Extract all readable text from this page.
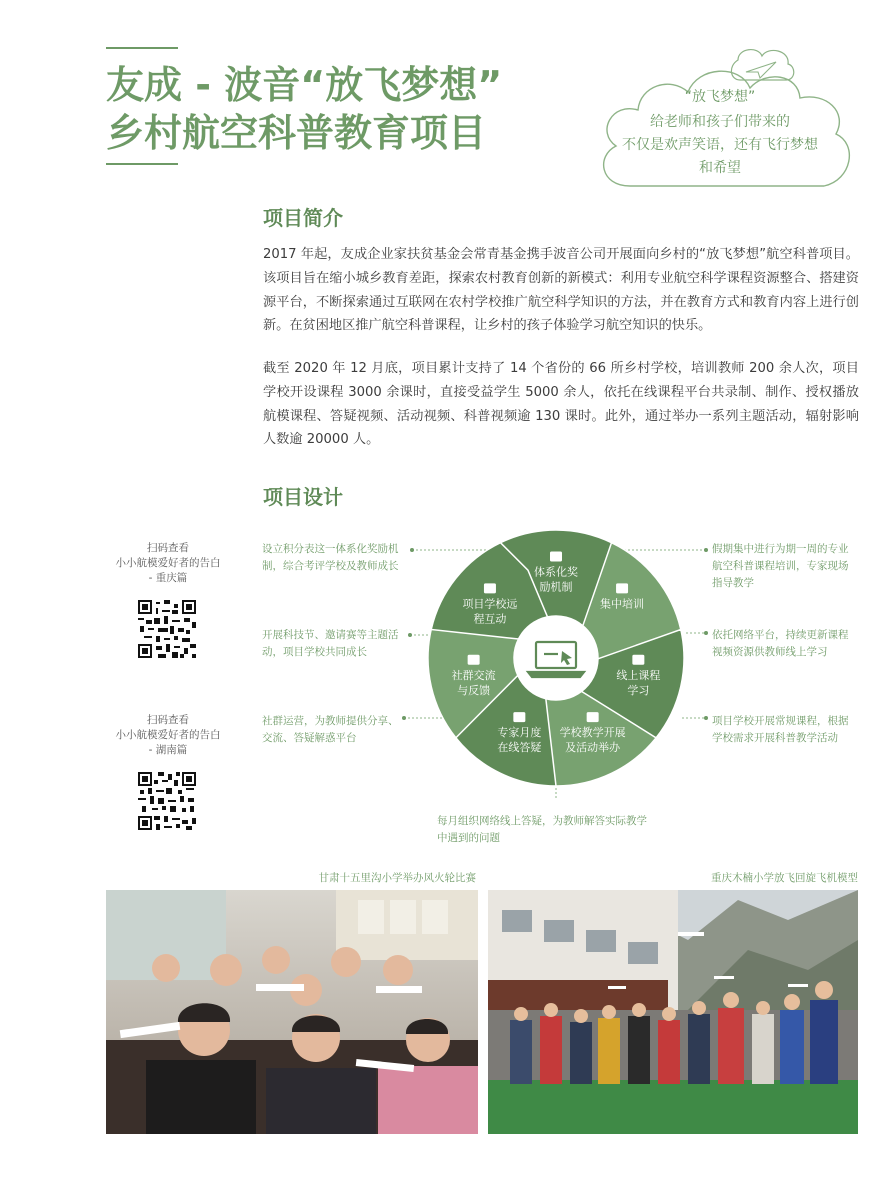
友成 - 波音“放飞梦想”
乡村航空科普教育项目
“放飞梦想”
给老师和孩子们带来的
不仅是欢声笑语，还有飞行梦想
和希望
项目简介
2017 年起，友成企业家扶贫基金会常青基金携手波音公司开展面向乡村的“放飞梦想”航空科普项目。该项目旨在缩小城乡教育差距，探索农村教育创新的新模式：利用专业航空科学课程资源整合、搭建资源平台，不断探索通过互联网在农村学校推广航空科学知识的方法，并在教育方式和教育内容上进行创新。在贫困地区推广航空科普课程，让乡村的孩子体验学习航空知识的快乐。
截至 2020 年 12 月底，项目累计支持了 14 个省份的 66 所乡村学校，培训教师 200 余人次，项目学校开设课程 3000 余课时，直接受益学生 5000 余人，依托在线课程平台共录制、制作、授权播放航模课程、答疑视频、活动视频、科普视频逾 130 课时。此外，通过举办一系列主题活动，辐射影响人数逾 20000 人。
项目设计
扫码查看
小小航模爱好者的告白
- 重庆篇
扫码查看
小小航模爱好者的告白
- 湖南篇
设立积分表这一体系化奖励机制，综合考评学校及教师成长
开展科技节、邀请赛等主题活动，项目学校共同成长
社群运营，为教师提供分享、交流、答疑解惑平台
假期集中进行为期一周的专业航空科普课程培训，专家现场指导教学
依托网络平台，持续更新课程视频资源供教师线上学习
项目学校开展常规课程，根据学校需求开展科普教学活动
每月组织网络线上答疑，为教师解答实际教学中遇到的问题
体系化奖
励机制
集中培训
线上课程
学习
学校教学开展
及活动举办
专家月度
在线答疑
社群交流
与反馈
项目学校远
程互动
甘肃十五里沟小学举办风火轮比赛	重庆木楠小学放飞回旋飞机模型
